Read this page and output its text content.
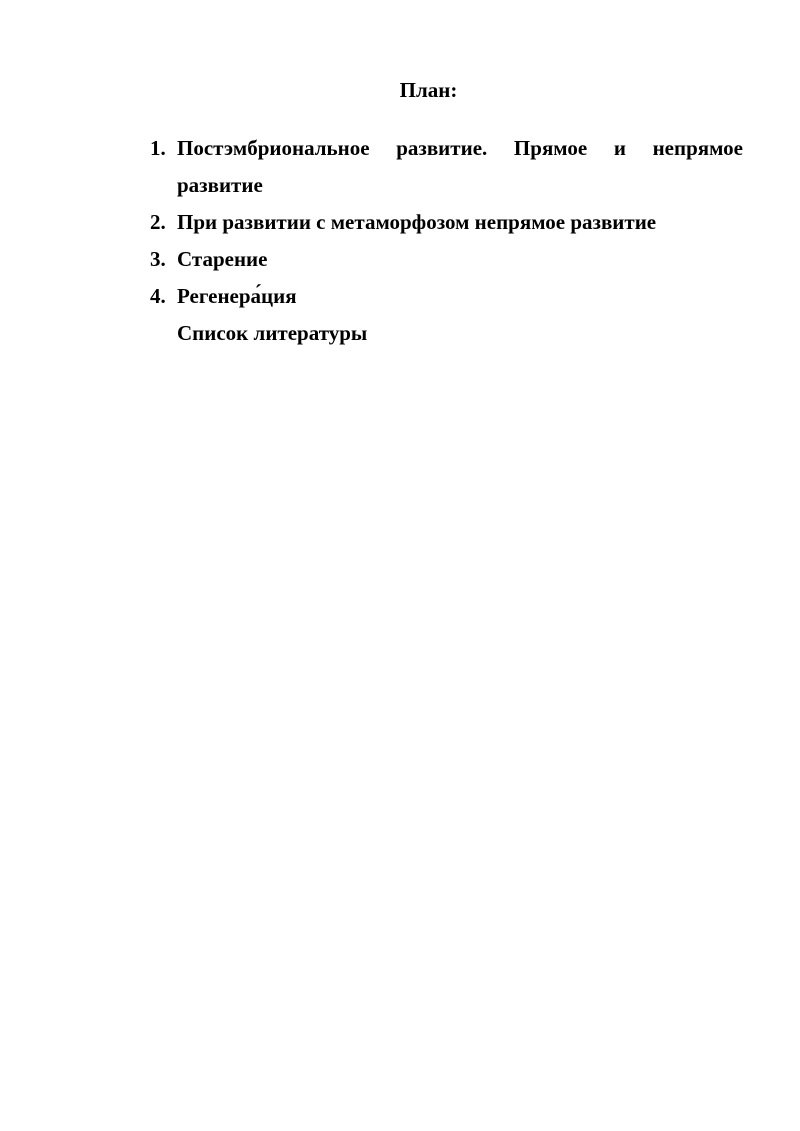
План:
1. Постэмбриональное развитие. Прямое и непрямое развитие
2. При развитии с метаморфозом непрямое развитие
3. Старение
4. Регенера́ция
Список литературы
